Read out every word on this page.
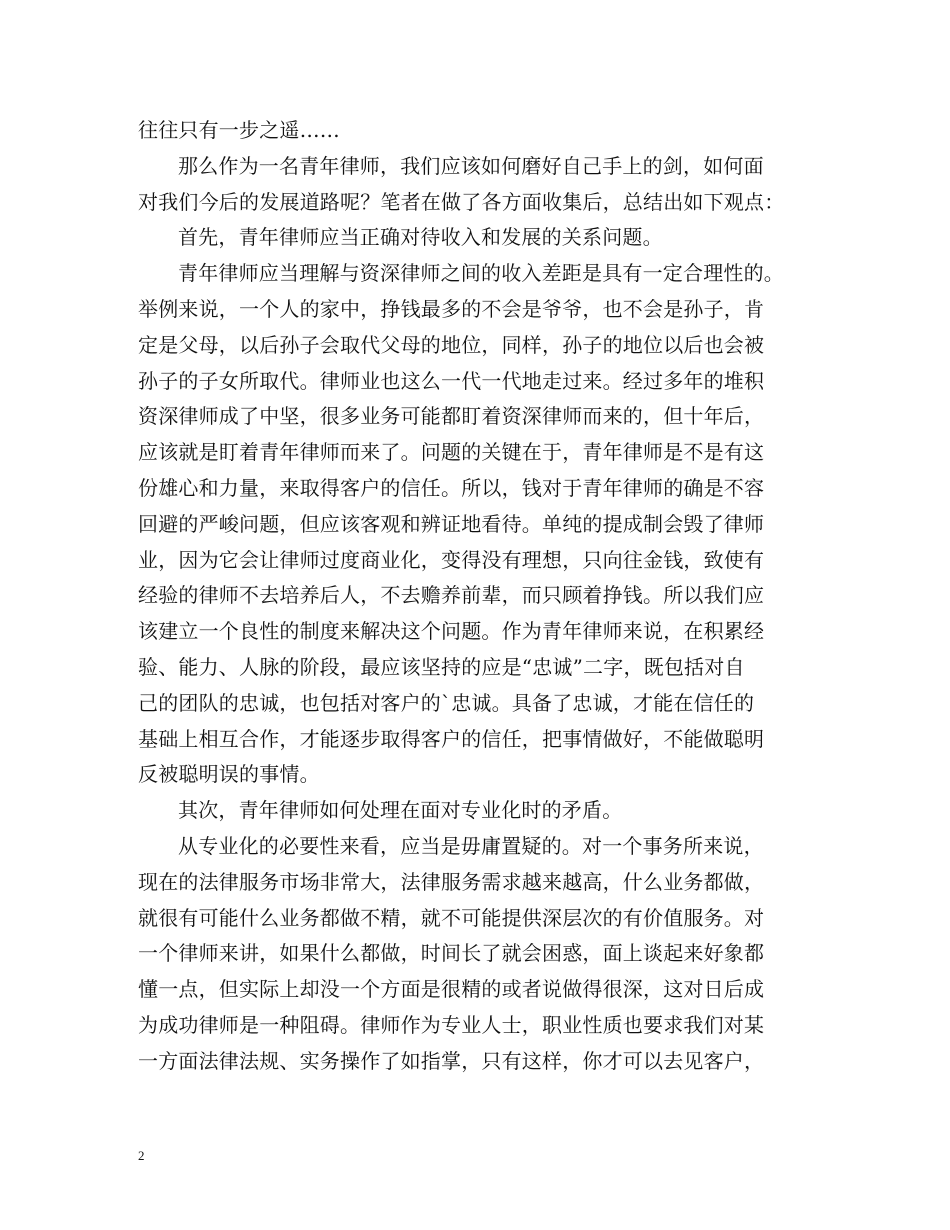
往往只有一步之遥……
那么作为一名青年律师，我们应该如何磨好自己手上的剑，如何面
对我们今后的发展道路呢？笔者在做了各方面收集后，总结出如下观点：
首先，青年律师应当正确对待收入和发展的关系问题。
青年律师应当理解与资深律师之间的收入差距是具有一定合理性的。
举例来说，一个人的家中，挣钱最多的不会是爷爷，也不会是孙子，肯
定是父母，以后孙子会取代父母的地位，同样，孙子的地位以后也会被
孙子的子女所取代。律师业也这么一代一代地走过来。经过多年的堆积
资深律师成了中坚，很多业务可能都盯着资深律师而来的，但十年后，
应该就是盯着青年律师而来了。问题的关键在于，青年律师是不是有这
份雄心和力量，来取得客户的信任。所以，钱对于青年律师的确是不容
回避的严峻问题，但应该客观和辨证地看待。单纯的提成制会毁了律师
业，因为它会让律师过度商业化，变得没有理想，只向往金钱，致使有
经验的律师不去培养后人，不去赡养前辈，而只顾着挣钱。所以我们应
该建立一个良性的制度来解决这个问题。作为青年律师来说，在积累经
验、能力、人脉的阶段，最应该坚持的应是“忠诚”二字，既包括对自
己的团队的忠诚，也包括对客户的`忠诚。具备了忠诚，才能在信任的
基础上相互合作，才能逐步取得客户的信任，把事情做好，不能做聪明
反被聪明误的事情。
其次，青年律师如何处理在面对专业化时的矛盾。
从专业化的必要性来看，应当是毋庸置疑的。对一个事务所来说，
现在的法律服务市场非常大，法律服务需求越来越高，什么业务都做，
就很有可能什么业务都做不精，就不可能提供深层次的有价值服务。对
一个律师来讲，如果什么都做，时间长了就会困惑，面上谈起来好象都
懂一点，但实际上却没一个方面是很精的或者说做得很深，这对日后成
为成功律师是一种阻碍。律师作为专业人士，职业性质也要求我们对某
一方面法律法规、实务操作了如指掌，只有这样，你才可以去见客户，
2
